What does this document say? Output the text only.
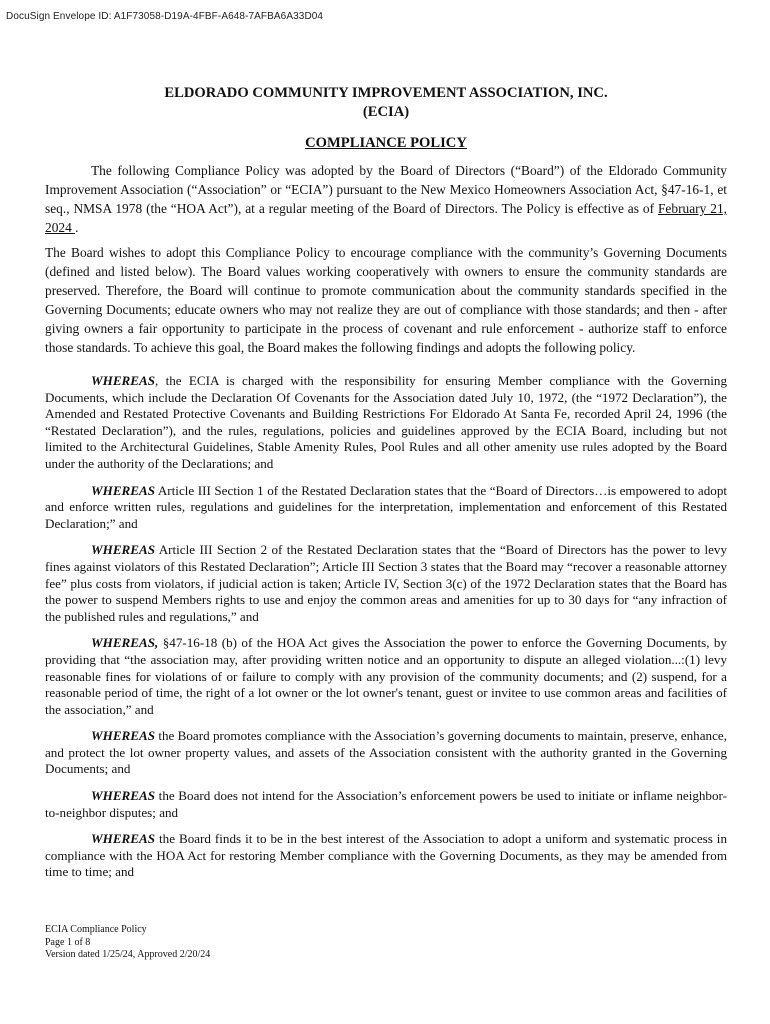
DocuSign Envelope ID: A1F73058-D19A-4FBF-A648-7AFBA6A33D04

ELDORADO COMMUNITY IMPROVEMENT ASSOCIATION, INC.

(ECIA)

COMPLIANCE POLICY

The following Compliance Policy was adopted by the Board of Directors (“Board”) of the Eldorado Community Improvement Association (“Association” or “ECIA”) pursuant to the New Mexico Homeowners Association Act, §47-16-1, et seq., NMSA 1978 (the “HOA Act”), at a regular meeting of the Board of Directors. The Policy is effective as of February 21, 2024 .

The Board wishes to adopt this Compliance Policy to encourage compliance with the community’s Governing Documents (defined and listed below). The Board values working cooperatively with owners to ensure the community standards are preserved. Therefore, the Board will continue to promote communication about the community standards specified in the Governing Documents; educate owners who may not realize they are out of compliance with those standards; and then - after giving owners a fair opportunity to participate in the process of covenant and rule enforcement - authorize staff to enforce those standards. To achieve this goal, the Board makes the following findings and adopts the following policy.

WHEREAS, the ECIA is charged with the responsibility for ensuring Member compliance with the Governing Documents, which include the Declaration Of Covenants for the Association dated July 10, 1972, (the “1972 Declaration”), the Amended and Restated Protective Covenants and Building Restrictions For Eldorado At Santa Fe, recorded April 24, 1996 (the “Restated Declaration”), and the rules, regulations, policies and guidelines approved by the ECIA Board, including but not limited to the Architectural Guidelines, Stable Amenity Rules, Pool Rules and all other amenity use rules adopted by the Board under the authority of the Declarations; and

WHEREAS Article III Section 1 of the Restated Declaration states that the “Board of Directors…is empowered to adopt and enforce written rules, regulations and guidelines for the interpretation, implementation and enforcement of this Restated Declaration;” and

WHEREAS Article III Section 2 of the Restated Declaration states that the “Board of Directors has the power to levy fines against violators of this Restated Declaration”; Article III Section 3 states that the Board may “recover a reasonable attorney fee” plus costs from violators, if judicial action is taken; Article IV, Section 3(c) of the 1972 Declaration states that the Board has the power to suspend Members rights to use and enjoy the common areas and amenities for up to 30 days for “any infraction of the published rules and regulations,” and

WHEREAS, §47-16-18 (b) of the HOA Act gives the Association the power to enforce the Governing Documents, by providing that “the association may, after providing written notice and an opportunity to dispute an alleged violation...:(1) levy reasonable fines for violations of or failure to comply with any provision of the community documents; and (2) suspend, for a reasonable period of time, the right of a lot owner or the lot owner's tenant, guest or invitee to use common areas and facilities of the association,” and

WHEREAS the Board promotes compliance with the Association’s governing documents to maintain, preserve, enhance, and protect the lot owner property values, and assets of the Association consistent with the authority granted in the Governing Documents; and

WHEREAS the Board does not intend for the Association’s enforcement powers be used to initiate or inflame neighbor-to-neighbor disputes; and

WHEREAS the Board finds it to be in the best interest of the Association to adopt a uniform and systematic process in compliance with the HOA Act for restoring Member compliance with the Governing Documents, as they may be amended from time to time; and

ECIA Compliance Policy
Page 1 of 8
Version dated 1/25/24, Approved 2/20/24
